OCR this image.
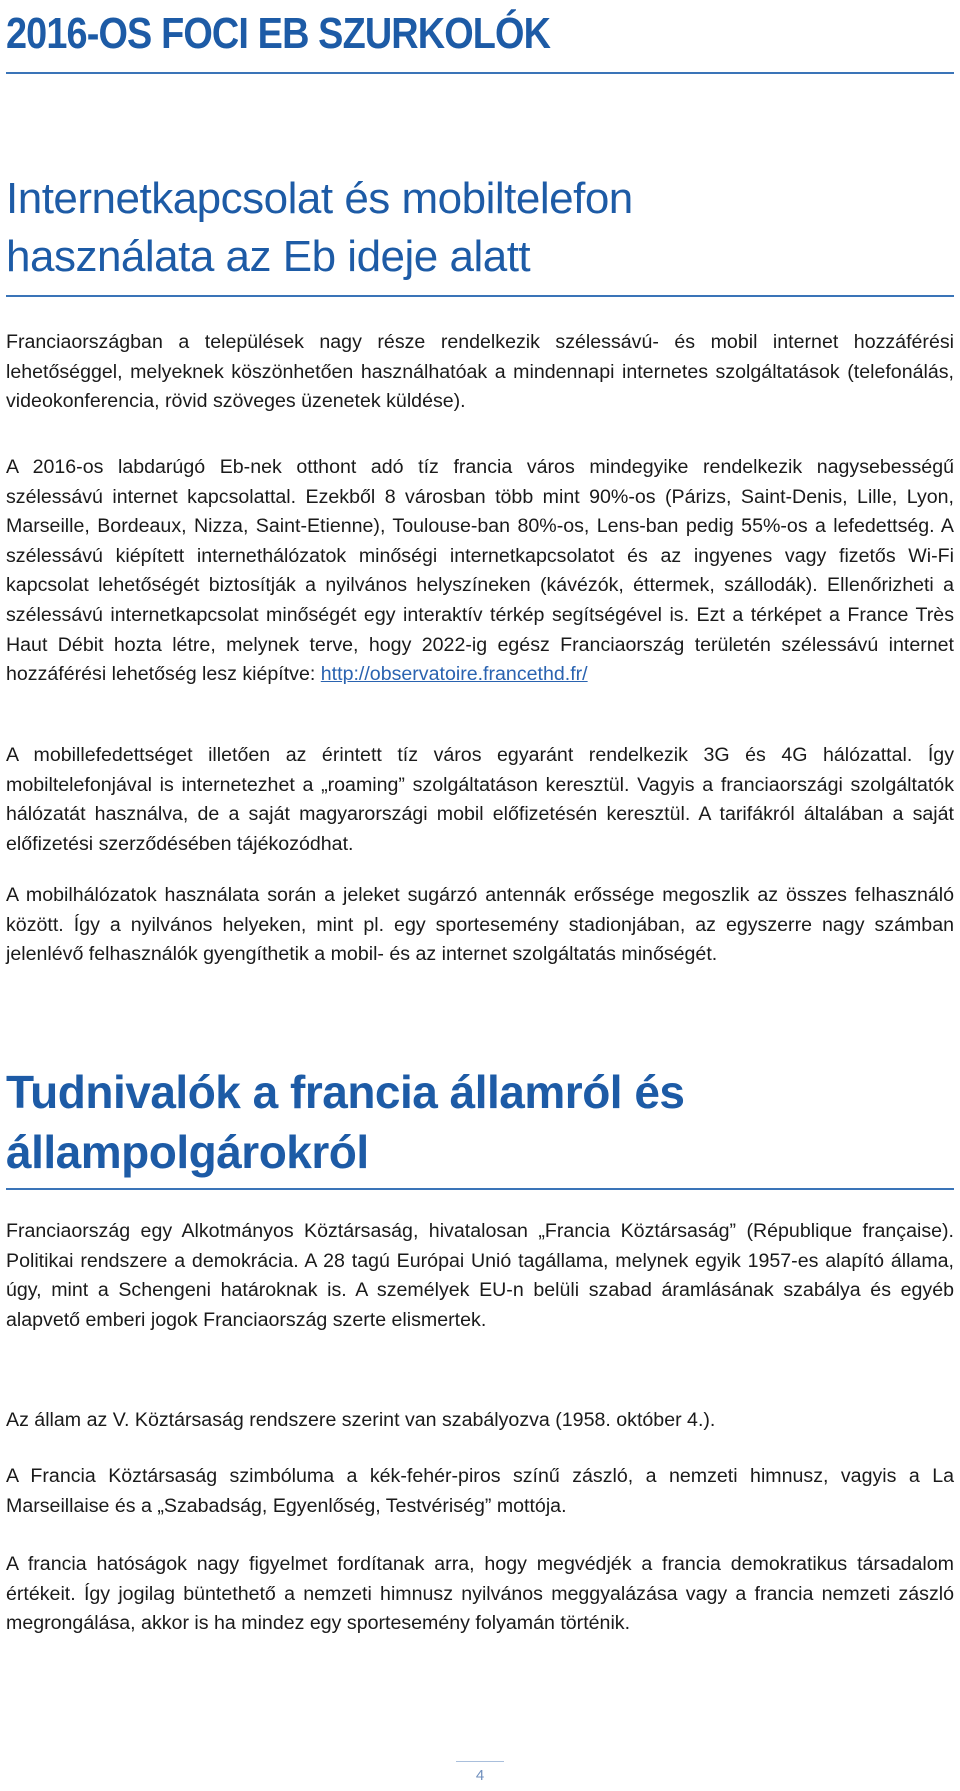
2016-OS FOCI EB SZURKOLÓK
Internetkapcsolat és mobiltelefon
használata az Eb ideje alatt

Franciaországban a települések nagy része rendelkezik szélessávú- és mobil internet hozzáférési lehetőséggel, melyeknek köszönhetően használhatóak a mindennapi internetes szolgáltatások (telefonálás, videokonferencia, rövid szöveges üzenetek küldése).

A 2016-os labdarúgó Eb-nek otthont adó tíz francia város mindegyike rendelkezik nagysebességű szélessávú internet kapcsolattal. Ezekből 8 városban több mint 90%-os (Párizs, Saint-Denis, Lille, Lyon, Marseille, Bordeaux, Nizza, Saint-Etienne), Toulouse-ban 80%-os, Lens-ban pedig 55%-os a lefedettség. A szélessávú kiépített internethálózatok minőségi internetkapcsolatot és az ingyenes vagy fizetős Wi-Fi kapcsolat lehetőségét biztosítják a nyilvános helyszíneken (kávézók, éttermek, szállodák). Ellenőrizheti a szélessávú internetkapcsolat minőségét egy interaktív térkép segítségével is. Ezt a térképet a France Très Haut Débit hozta létre, melynek terve, hogy 2022-ig egész Franciaország területén szélessávú internet hozzáférési lehetőség lesz kiépítve: http://observatoire.francethd.fr/

A mobillefedettséget illetően az érintett tíz város egyaránt rendelkezik 3G és 4G hálózattal. Így mobiltelefonjával is internetezhet a „roaming” szolgáltatáson keresztül. Vagyis a franciaországi szolgáltatók hálózatát használva, de a saját magyarországi mobil előfizetésén keresztül. A tarifákról általában a saját előfizetési szerződésében tájékozódhat.

A mobilhálózatok használata során a jeleket sugárzó antennák erőssége megoszlik az összes felhasználó között. Így a nyilvános helyeken, mint pl. egy sportesemény stadionjában, az egyszerre nagy számban jelenlévő felhasználók gyengíthetik a mobil- és az internet szolgáltatás minőségét.

Tudnivalók a francia államról és
állampolgárokról

Franciaország egy Alkotmányos Köztársaság, hivatalosan „Francia Köztársaság” (République française). Politikai rendszere a demokrácia. A 28 tagú Európai Unió tagállama, melynek egyik 1957-es alapító állama, úgy, mint a Schengeni határoknak is. A személyek EU-n belüli szabad áramlásának szabálya és egyéb alapvető emberi jogok Franciaország szerte elismertek.

Az állam az V. Köztársaság rendszere szerint van szabályozva (1958. október 4.).

A Francia Köztársaság szimbóluma a kék-fehér-piros színű zászló, a nemzeti himnusz, vagyis a La Marseillaise és a „Szabadság, Egyenlőség, Testvériség” mottója.

A francia hatóságok nagy figyelmet fordítanak arra, hogy megvédjék a francia demokratikus társadalom értékeit. Így jogilag büntethető a nemzeti himnusz nyilvános meggyalázása vagy a francia nemzeti zászló megrongálása, akkor is ha mindez egy sportesemény folyamán történik.

4
